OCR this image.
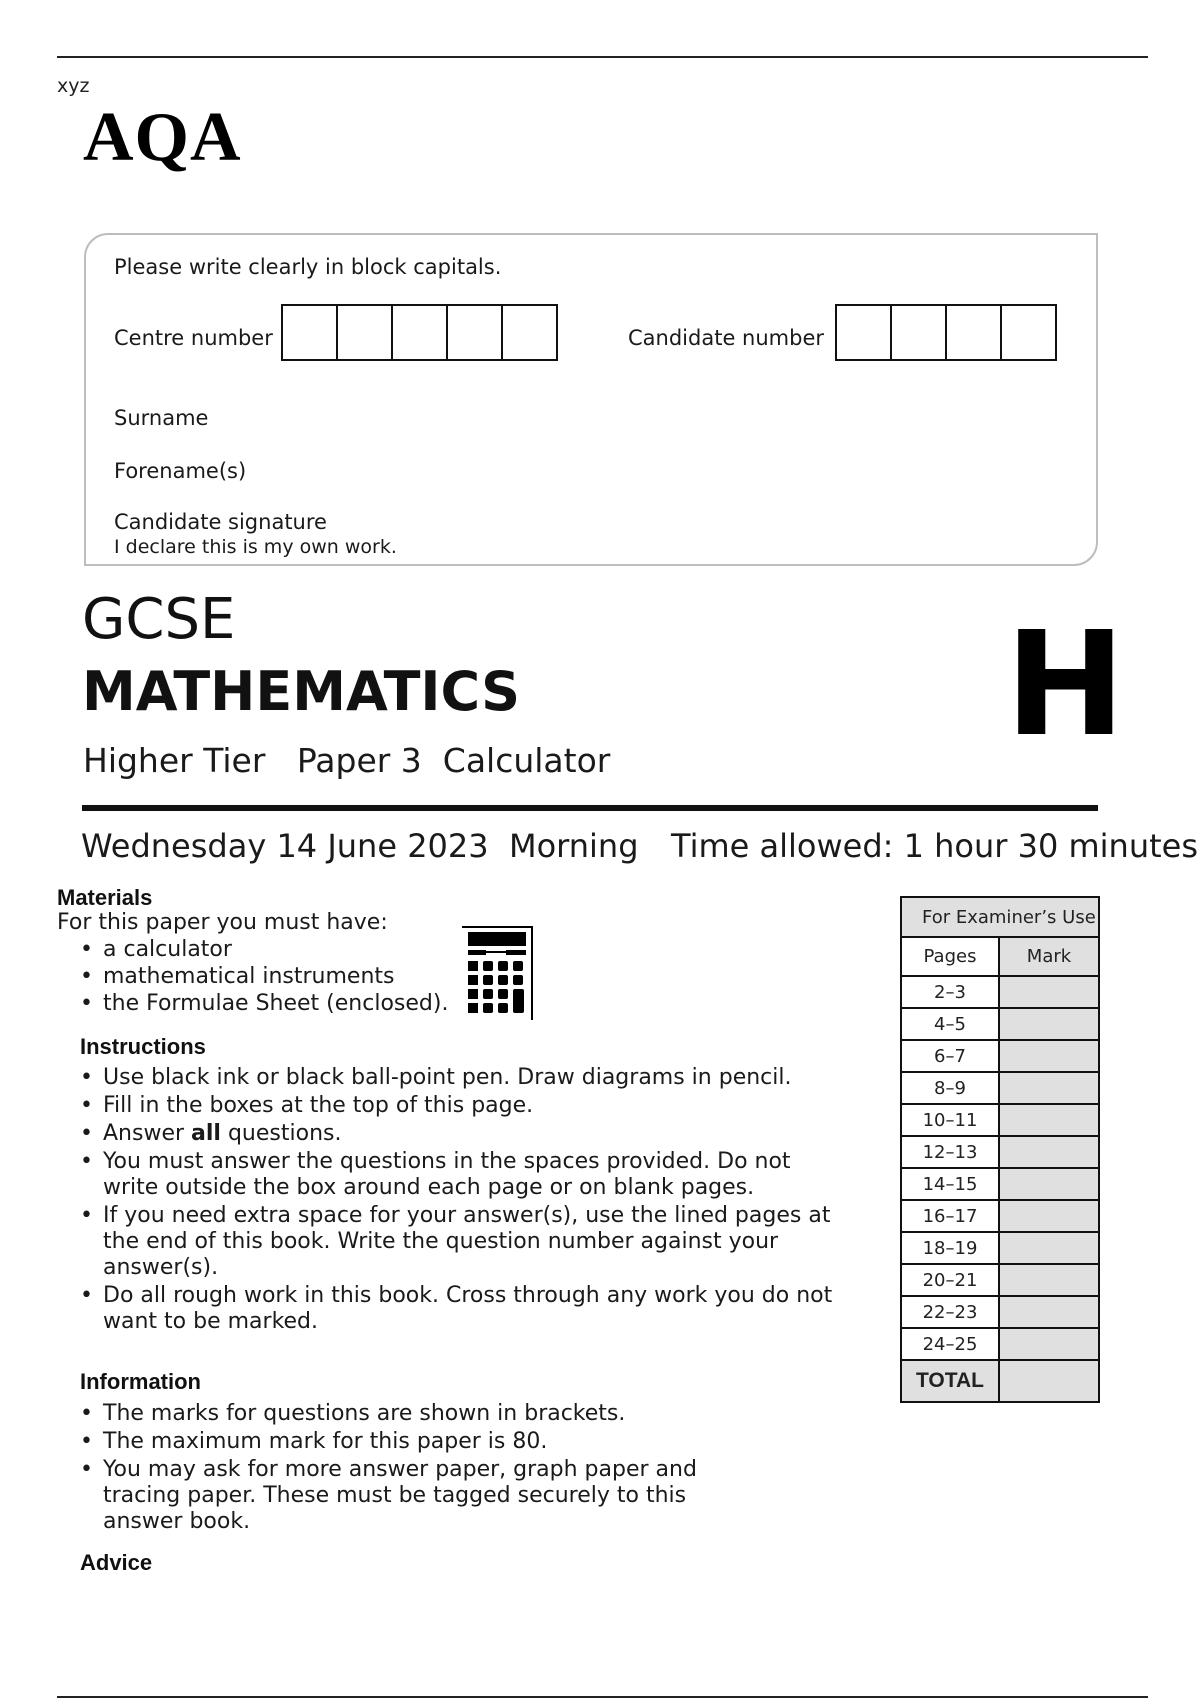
xyz
AQA
Please write clearly in block capitals.
Centre number	Candidate number
Surname
Forename(s)
Candidate signature
I declare this is my own work.
GCSE
MATHEMATICS
Higher Tier   Paper 3  Calculator	H
Wednesday 14 June 2023  Morning Time allowed: 1 hour 30 minutes
Materials
For this paper you must have:
• a calculator
• mathematical instruments
• the Formulae Sheet (enclosed).
Instructions
• Use black ink or black ball-point pen. Draw diagrams in pencil.
• Fill in the boxes at the top of this page.
• Answer all questions.
• You must answer the questions in the spaces provided. Do not write outside the box around each page or on blank pages.
• If you need extra space for your answer(s), use the lined pages at the end of this book. Write the question number against your answer(s).
• Do all rough work in this book. Cross through any work you do not want to be marked.
Information
• The marks for questions are shown in brackets.
• The maximum mark for this paper is 80.
• You may ask for more answer paper, graph paper and tracing paper. These must be tagged securely to this answer book.
Advice
For Examiner’s Use	
Pages	Mark
2–3	
4–5	
6–7	
8–9	
10–11	
12–13	
14–15	
16–17	
18–19	
20–21	
22–23	
24–25	
TOTAL	
